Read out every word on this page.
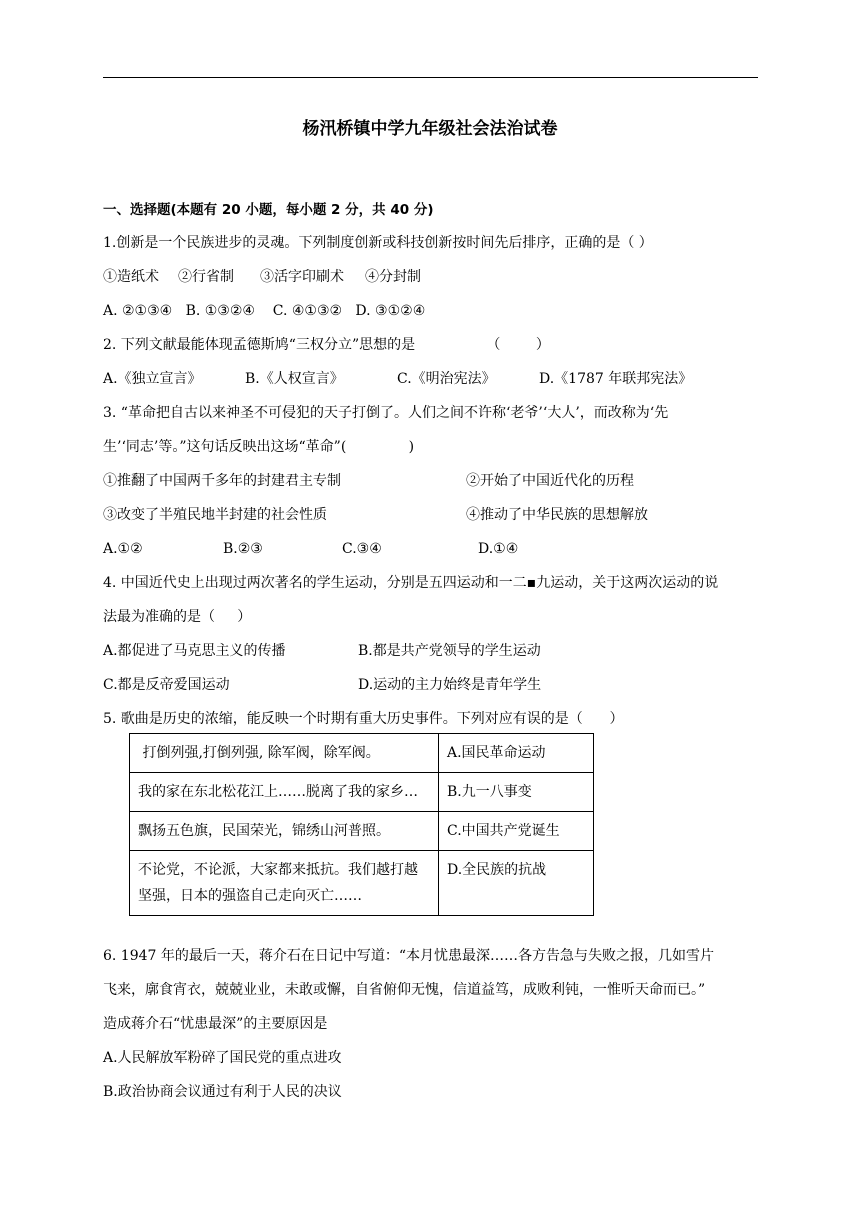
杨汛桥镇中学九年级社会法治试卷
一、选择题(本题有 20 小题，每小题 2 分，共 40 分)
1.创新是一个民族进步的灵魂。下列制度创新或科技创新按时间先后排序，正确的是（ ）
①造纸术 ②行省制 ③活字印刷术 ④分封制
A. ②①③④   B. ①③②④    C. ④①③②   D. ③①②④
2. 下列文献最能体现孟德斯鸠“三权分立”思想的是                （        ）
A.《独立宣言》	B.《人权宣言》	C.《明治宪法》	D.《1787 年联邦宪法》
3. “革命把自古以来神圣不可侵犯的天子打倒了。人们之间不许称‘老爷’‘大人’，而改称为‘先
生’‘同志’等。”这句话反映出这场“革命”(              )
①推翻了中国两千多年的封建君主专制	②开始了中国近代化的历程
③改变了半殖民地半封建的社会性质	④推动了中华民族的思想解放
A.①②	B.②③	C.③④	D.①④
4. 中国近代史上出现过两次著名的学生运动，分别是五四运动和一二▪九运动，关于这两次运动的说
法最为准确的是（     ）
A.都促进了马克思主义的传播	B.都是共产党领导的学生运动
C.都是反帝爱国运动	D.运动的主力始终是青年学生
5. 歌曲是历史的浓缩，能反映一个时期有重大历史事件。下列对应有误的是（      ）
打倒列强,打倒列强, 除军阀，除军阀。	A.国民革命运动
我的家在东北松花江上……脱离了我的家乡…	B.九一八事变
飘扬五色旗，民国荣光，锦绣山河普照。	C.中国共产党诞生
不论党，不论派，大家都来抵抗。我们越打越坚强，日本的强盗自己走向灭亡……	D.全民族的抗战
6. 1947 年的最后一天，蒋介石在日记中写道：“本月忧患最深……各方告急与失败之报，几如雪片
飞来，廓食宵衣，兢兢业业，未敢或懈，自省俯仰无愧，信道益笃，成败利钝，一惟听天命而已。”
造成蒋介石“忧患最深”的主要原因是
A.人民解放军粉碎了国民党的重点进攻
B.政治协商会议通过有利于人民的决议
